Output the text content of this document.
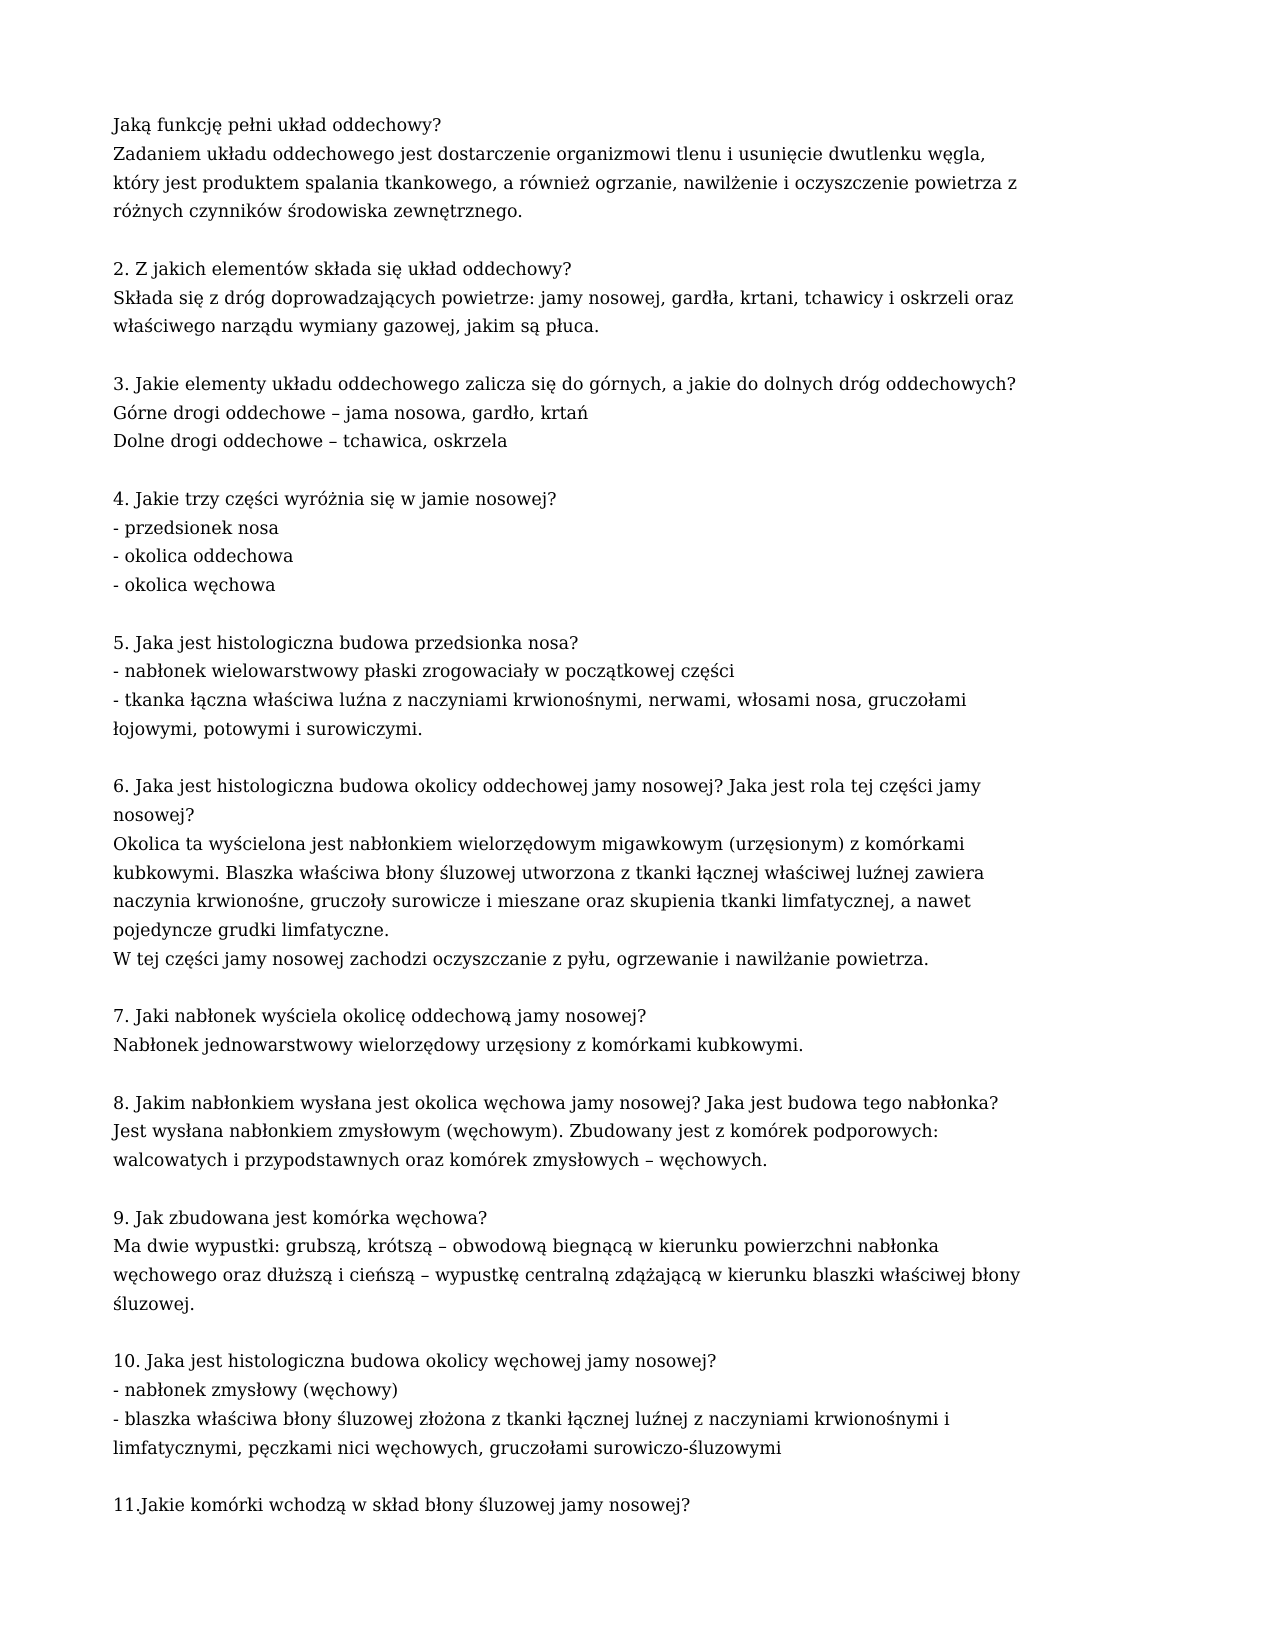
Jaką funkcję pełni układ oddechowy?
Zadaniem układu oddechowego jest dostarczenie organizmowi tlenu i usunięcie dwutlenku węgla,
który jest produktem spalania tkankowego, a również ogrzanie, nawilżenie i oczyszczenie powietrza z
różnych czynników środowiska zewnętrznego.

2. Z jakich elementów składa się układ oddechowy?
Składa się z dróg doprowadzających powietrze: jamy nosowej, gardła, krtani, tchawicy i oskrzeli oraz
właściwego narządu wymiany gazowej, jakim są płuca.

3. Jakie elementy układu oddechowego zalicza się do górnych, a jakie do dolnych dróg oddechowych?
Górne drogi oddechowe – jama nosowa, gardło, krtań
Dolne drogi oddechowe – tchawica, oskrzela

4. Jakie trzy części wyróżnia się w jamie nosowej?
- przedsionek nosa
- okolica oddechowa
- okolica węchowa

5. Jaka jest histologiczna budowa przedsionka nosa?
- nabłonek wielowarstwowy płaski zrogowaciały w początkowej części
- tkanka łączna właściwa luźna z naczyniami krwionośnymi, nerwami, włosami nosa, gruczołami
łojowymi, potowymi i surowiczymi.

6. Jaka jest histologiczna budowa okolicy oddechowej jamy nosowej? Jaka jest rola tej części jamy
nosowej?
Okolica ta wyścielona jest nabłonkiem wielorzędowym migawkowym (urzęsionym) z komórkami
kubkowymi. Blaszka właściwa błony śluzowej utworzona z tkanki łącznej właściwej luźnej zawiera
naczynia krwionośne, gruczoły surowicze i mieszane oraz skupienia tkanki limfatycznej, a nawet
pojedyncze grudki limfatyczne.
W tej części jamy nosowej zachodzi oczyszczanie z pyłu, ogrzewanie i nawilżanie powietrza.

7. Jaki nabłonek wyściela okolicę oddechową jamy nosowej?
Nabłonek jednowarstwowy wielorzędowy urzęsiony z komórkami kubkowymi.

8. Jakim nabłonkiem wysłana jest okolica węchowa jamy nosowej? Jaka jest budowa tego nabłonka?
Jest wysłana nabłonkiem zmysłowym (węchowym). Zbudowany jest z komórek podporowych:
walcowatych i przypodstawnych oraz komórek zmysłowych – węchowych.

9. Jak zbudowana jest komórka węchowa?
Ma dwie wypustki: grubszą, krótszą – obwodową biegnącą w kierunku powierzchni nabłonka
węchowego oraz dłuższą i cieńszą – wypustkę centralną zdążającą w kierunku blaszki właściwej błony
śluzowej.

10. Jaka jest histologiczna budowa okolicy węchowej jamy nosowej?
- nabłonek zmysłowy (węchowy)
- blaszka właściwa błony śluzowej złożona z tkanki łącznej luźnej z naczyniami krwionośnymi i
limfatycznymi, pęczkami nici węchowych, gruczołami surowiczo-śluzowymi

11.Jakie komórki wchodzą w skład błony śluzowej jamy nosowej?
